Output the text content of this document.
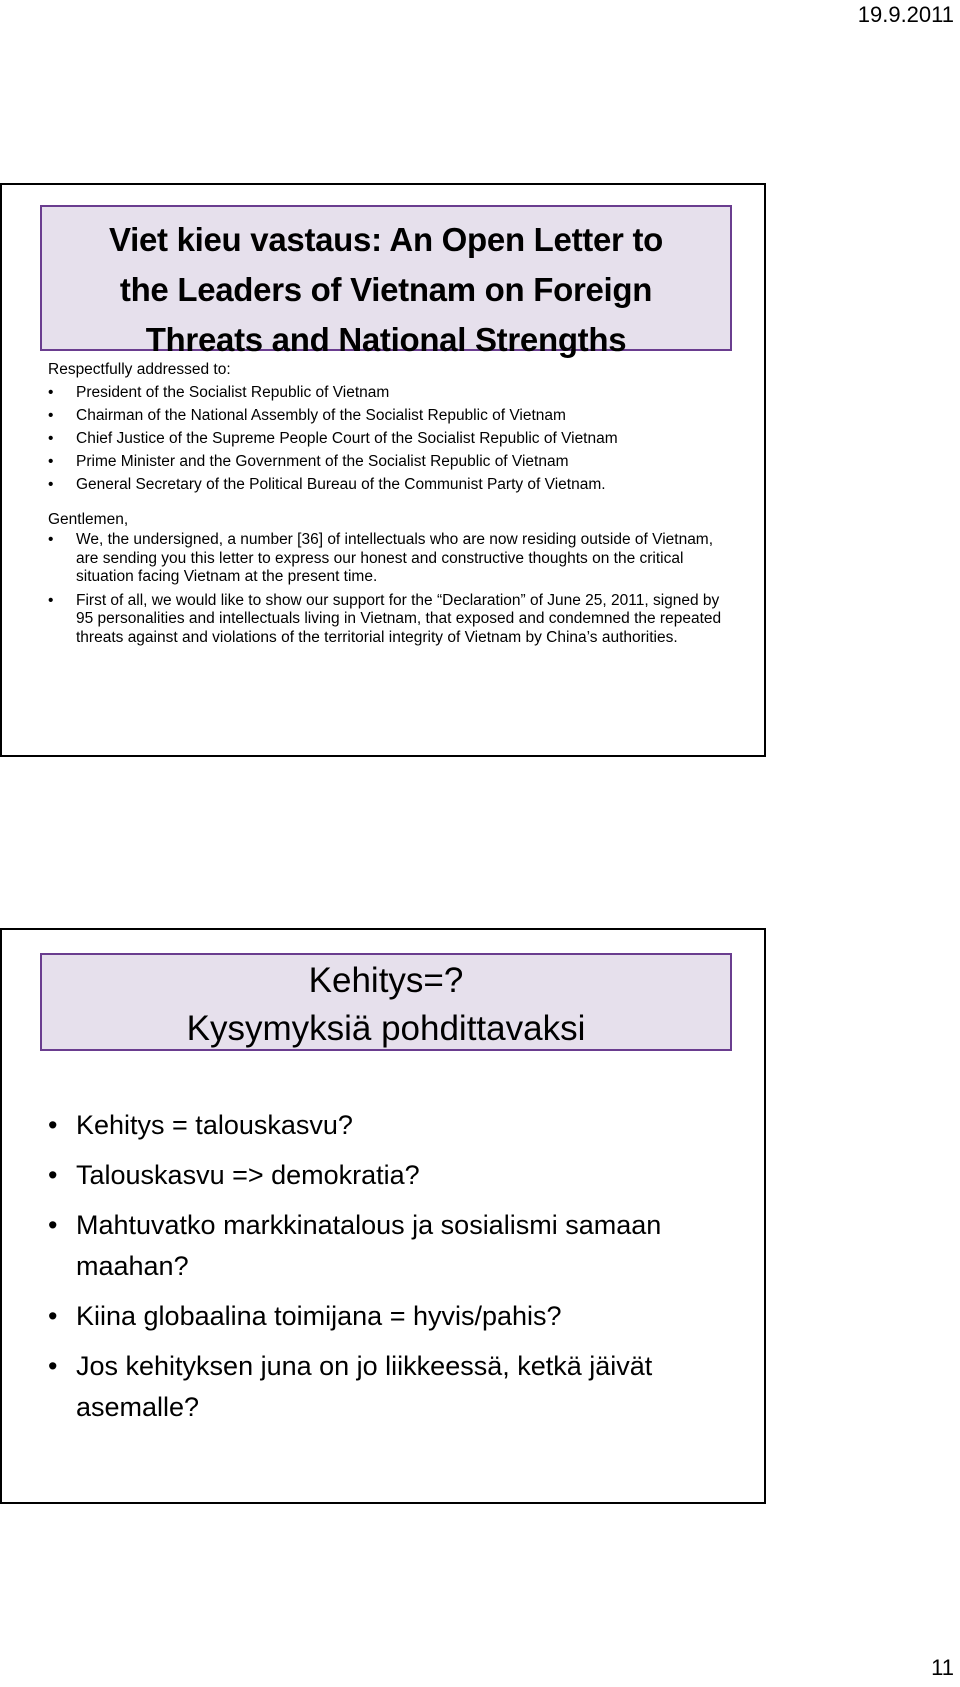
19.9.2011

Viet kieu vastaus: An Open Letter to

the Leaders of Vietnam on Foreign

Threats and National Strengths

Respectfully addressed to:

• President of the Socialist Republic of Vietnam
• Chairman of the National Assembly of the Socialist Republic of Vietnam
• Chief Justice of the Supreme People Court of the Socialist Republic of Vietnam
• Prime Minister and the Government of the Socialist Republic of Vietnam
• General Secretary of the Political Bureau of the Communist Party of Vietnam.

Gentlemen,

• We, the undersigned, a number [36] of intellectuals who are now residing outside of Vietnam, are sending you this letter to express our honest and constructive thoughts on the critical situation facing Vietnam at the present time.
• First of all, we would like to show our support for the “Declaration” of June 25, 2011, signed by 95 personalities and intellectuals living in Vietnam, that exposed and condemned the repeated threats against and violations of the territorial integrity of Vietnam by China’s authorities.

Kehitys=?

Kysymyksiä pohdittavaksi

• Kehitys = talouskasvu?
• Talouskasvu => demokratia?
• Mahtuvatko markkinatalous ja sosialismi samaan maahan?
• Kiina globaalina toimijana = hyvis/pahis?
• Jos kehityksen juna on jo liikkeessä, ketkä jäivät asemalle?
11
